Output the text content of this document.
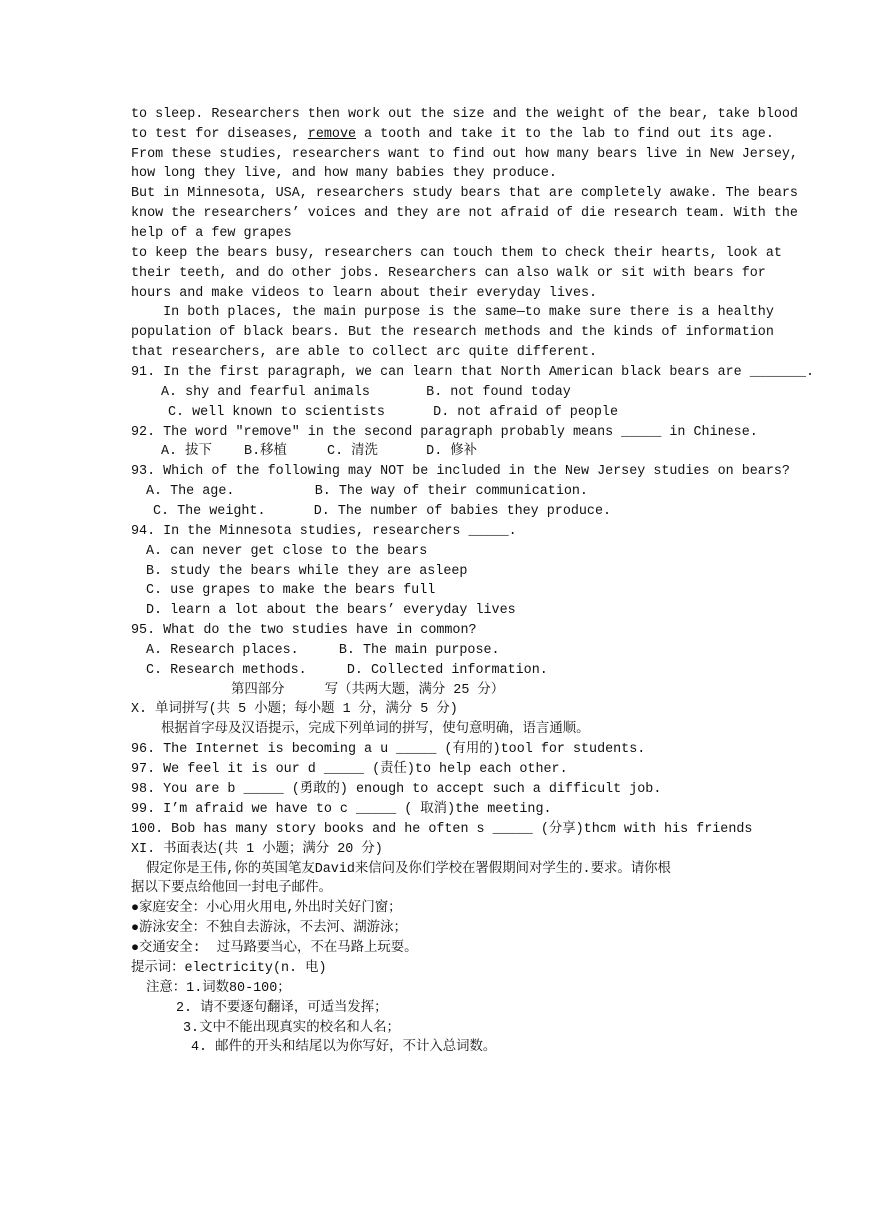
to sleep. Researchers then work out the size and the weight of the bear, take blood
to test for diseases, remove a tooth and take it to the lab to find out its age.
From these studies, researchers want to find out how many bears live in New Jersey,
how long they live, and how many babies they produce.
But in Minnesota, USA, researchers study bears that are completely awake. The bears
know the researchers’ voices and they are not afraid of die research team. With the
help of a few grapes
to keep the bears busy, researchers can touch them to check their hearts, look at
their teeth, and do other jobs. Researchers can also walk or sit with bears for
hours and make videos to learn about their everyday lives.
In both places, the main purpose is the same—to make sure there is a healthy
population of black bears. But the research methods and the kinds of information
that researchers, are able to collect arc quite different.
91. In the first paragraph, we can learn that North American black bears are _______.
A. shy and fearful animals       B. not found today
C. well known to scientists      D. not afraid of people
92. The word "remove" in the second paragraph probably means _____ in Chinese.
A. 拔下    B.移植     C. 清洗      D. 修补
93. Which of the following may NOT be included in the New Jersey studies on bears?
A. The age.          B. The way of their communication.
C. The weight.      D. The number of babies they produce.
94. In the Minnesota studies, researchers _____.
A. can never get close to the bears
B. study the bears while they are asleep
C. use grapes to make the bears full
D. learn a lot about the bears’ everyday lives
95. What do the two studies have in common?
A. Research places.     B. The main purpose.
C. Research methods.     D. Collected information.
第四部分     写（共两大题，满分 25 分）
X. 单词拼写(共 5 小题；每小题 1 分，满分 5 分)
根据首字母及汉语提示，完成下列单词的拼写，使句意明确，语言通顺。
96. The Internet is becoming a u _____ (有用的)tool for students.
97. We feel it is our d _____ (责任)to help each other.
98. You are b _____ (勇敢的) enough to accept such a difficult job.
99. I’m afraid we have to c _____ ( 取消)the meeting.
100. Bob has many story books and he often s _____ (分享)thcm with his friends
XI. 书面表达(共 1 小题；满分 20 分)
假定你是王伟,你的英国笔友David来信问及你们学校在署假期间对学生的.要求。请你根
据以下要点给他回一封电子邮件。
●家庭安全：小心用火用电,外出时关好门窗；
●游泳安全：不独自去游泳，不去河、湖游泳；
●交通安全:  过马路要当心，不在马路上玩耍。
提示词：electricity(n. 电)
注意：1.词数80-100；
2. 请不要逐句翻译，可适当发挥；
3.文中不能出现真实的校名和人名；
4. 邮件的开头和结尾以为你写好，不计入总词数。
